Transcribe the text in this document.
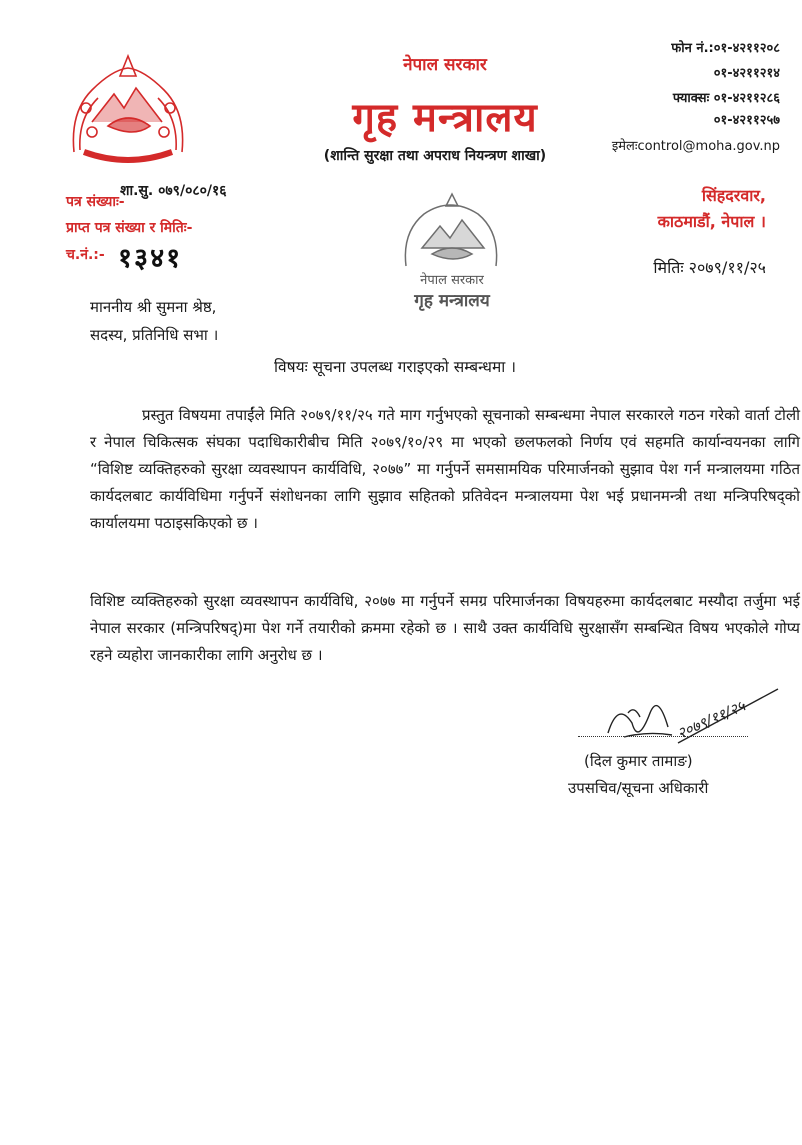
नेपाल सरकार
गृह मन्त्रालय
(शान्ति सुरक्षा तथा अपराध नियन्त्रण शाखा)
फोन नं.:०१-४२११२०८
०१-४२११२१४
फ्याक्सः ०१-४२११२८६
०१-४२११२५७
इमेलःcontrol@moha.gov.np
पत्र संख्याः-
शा.सु. ०७९/०८०/१६
प्राप्त पत्र संख्या र मितिः-
च.नं.:- १३४१
सिंहदरवार,
काठमाडौं, नेपाल ।
मितिः २०७९/११/२५
नेपाल सरकार
गृह मन्त्रालय
माननीय श्री सुमना श्रेष्ठ,
सदस्य, प्रतिनिधि सभा ।
विषयः सूचना उपलब्ध गराइएको सम्बन्धमा ।
प्रस्तुत विषयमा तपाईंले मिति २०७९/११/२५ गते माग गर्नुभएको सूचनाको सम्बन्धमा नेपाल सरकारले गठन गरेको वार्ता टोली र नेपाल चिकित्सक संघका पदाधिकारीबीच मिति २०७९/१०/२९ मा भएको छलफलको निर्णय एवं सहमति कार्यान्वयनका लागि “विशिष्ट व्यक्तिहरुको सुरक्षा व्यवस्थापन कार्यविधि, २०७७” मा गर्नुपर्ने समसामयिक परिमार्जनको सुझाव पेश गर्न मन्त्रालयमा गठित कार्यदलबाट कार्यविधिमा गर्नुपर्ने संशोधनका लागि सुझाव सहितको प्रतिवेदन मन्त्रालयमा पेश भई प्रधानमन्त्री तथा मन्त्रिपरिषद्को कार्यालयमा पठाइसकिएको छ ।
विशिष्ट व्यक्तिहरुको सुरक्षा व्यवस्थापन कार्यविधि, २०७७ मा गर्नुपर्ने समग्र परिमार्जनका विषयहरुमा कार्यदलबाट मस्यौदा तर्जुमा भई नेपाल सरकार (मन्त्रिपरिषद्)मा पेश गर्ने तयारीको क्रममा रहेको छ । साथै उक्त कार्यविधि सुरक्षासँग सम्बन्धित विषय भएकोले गोप्य रहने व्यहोरा जानकारीका लागि अनुरोध छ ।
२०७९/११/२५
(दिल कुमार तामाङ)
उपसचिव/सूचना अधिकारी
